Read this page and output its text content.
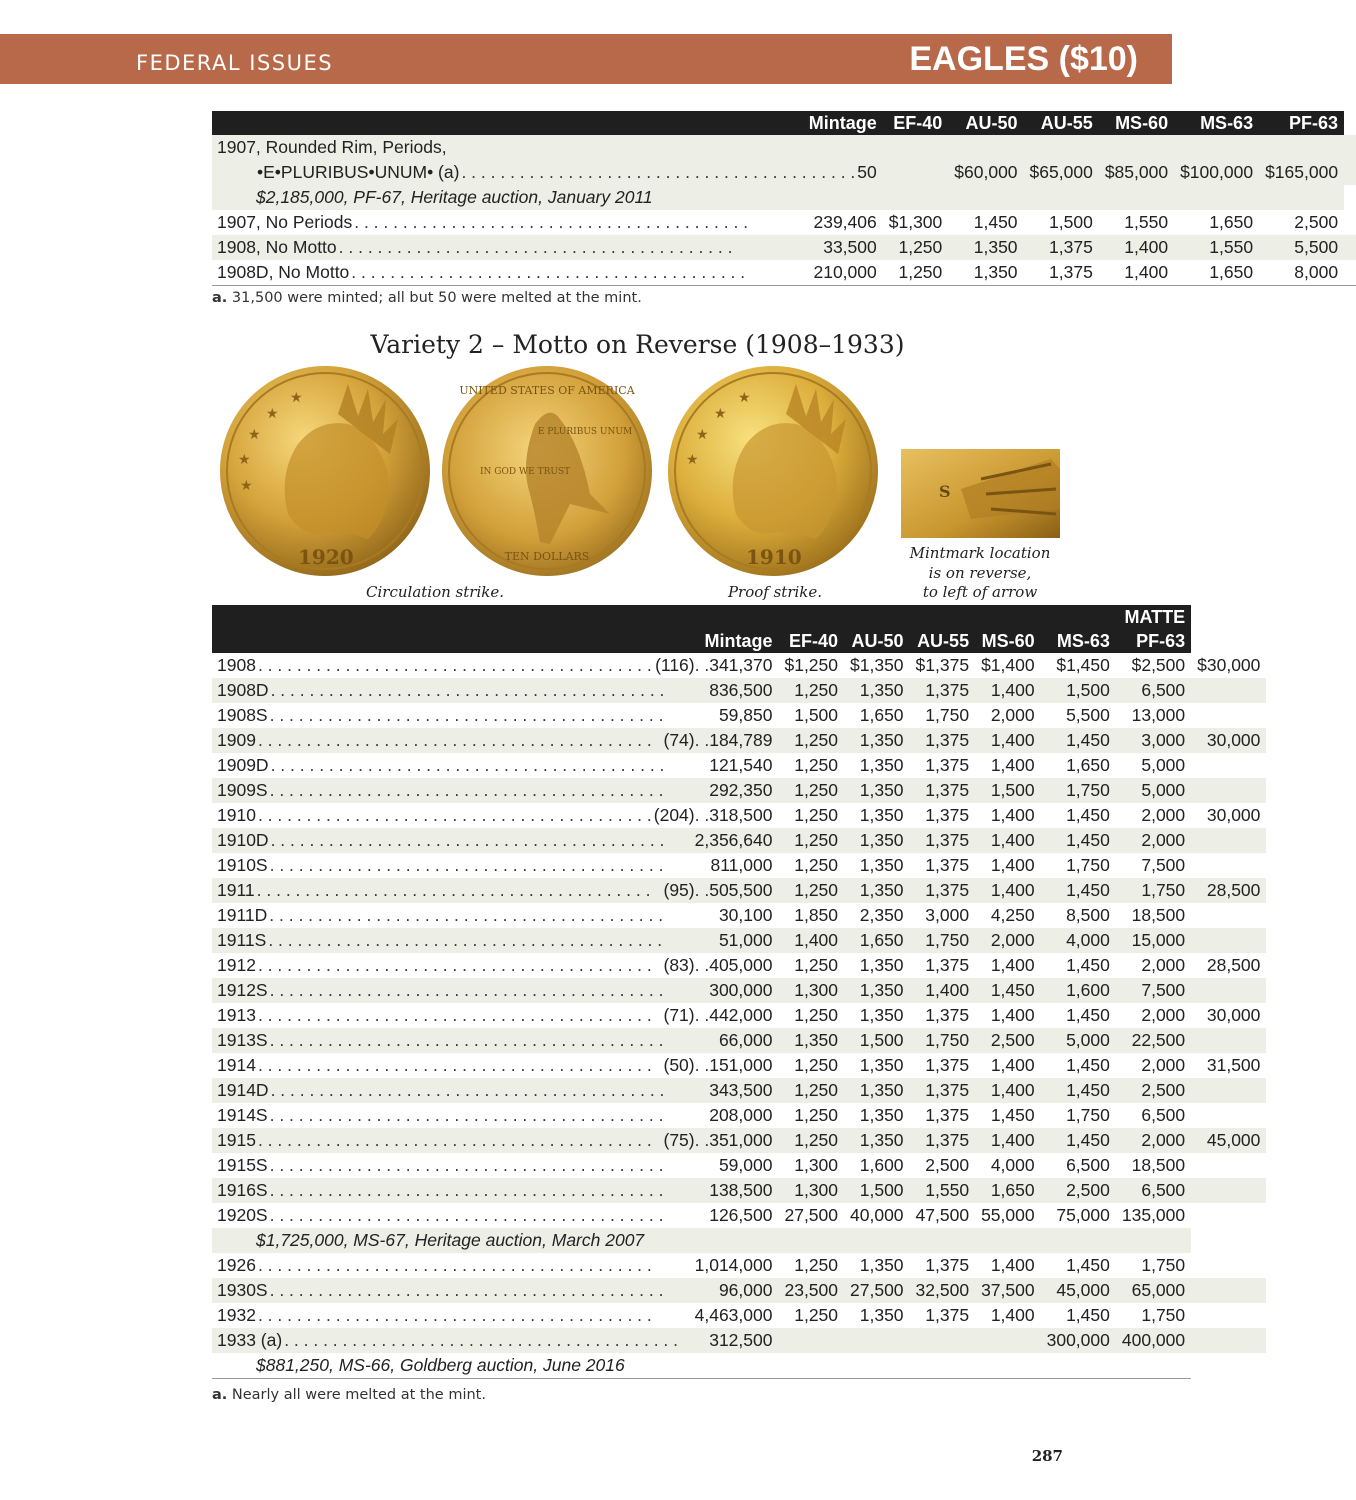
FEDERAL ISSUES	EAGLES ($10)
Mintage	EF-40	AU-50	AU-55	MS-60	MS-63	PF-63	

1907, Rounded Rim, Periods,							

•E•PLURIBUS•UNUM• (a) . . . . . . . . . . . . . . . . . . . . . . . . . . . . . . . . . . . . . . . . . 50		$60,000	$65,000	$85,000	$100,000	$165,000	
$2,185,000, PF-67, Heritage auction, January 2011							

1907, No Periods . . . . . . . . . . . . . . . . . . . . . . . . . . . . . . . . . . . . . . . . . 239,406	$1,300	1,450	1,500	1,550	1,650	2,500	

1908, No Motto . . . . . . . . . . . . . . . . . . . . . . . . . . . . . . . . . . . . . . . . . 33,500	1,250	1,350	1,375	1,400	1,550	5,500	

1908D, No Motto . . . . . . . . . . . . . . . . . . . . . . . . . . . . . . . . . . . . . . . . . 210,000	1,250	1,350	1,375	1,400	1,650	8,000	
a. 31,500 were minted; all but 50 were melted at the mint.
Variety 2 – Motto on Reverse (1908–1933)
★
★
★
★
★
1920
UNITED STATES OF AMERICA
E PLURIBUS UNUM
IN GOD WE TRUST
TEN DOLLARS
★
★
★
★
1910
S
Circulation strike.	Proof strike.
Mintmark location
is on reverse,
to left of arrow
						MATTE	
Mintage	EF-40	AU-50	AU-55	MS-60	MS-63	PF-63	

1908 . . . . . . . . . . . . . . . . . . . . . . . . . . . . . . . . . . . . . . . . . (116) . . 341,370	$1,250	$1,350	$1,375	$1,400	$1,450	$2,500	$30,000

1908D . . . . . . . . . . . . . . . . . . . . . . . . . . . . . . . . . . . . . . . . . 836,500	1,250	1,350	1,375	1,400	1,500	6,500	

1908S . . . . . . . . . . . . . . . . . . . . . . . . . . . . . . . . . . . . . . . . . 59,850	1,500	1,650	1,750	2,000	5,500	13,000	

1909 . . . . . . . . . . . . . . . . . . . . . . . . . . . . . . . . . . . . . . . . . (74) . . 184,789	1,250	1,350	1,375	1,400	1,450	3,000	30,000

1909D . . . . . . . . . . . . . . . . . . . . . . . . . . . . . . . . . . . . . . . . . 121,540	1,250	1,350	1,375	1,400	1,650	5,000	

1909S . . . . . . . . . . . . . . . . . . . . . . . . . . . . . . . . . . . . . . . . . 292,350	1,250	1,350	1,375	1,500	1,750	5,000	

1910 . . . . . . . . . . . . . . . . . . . . . . . . . . . . . . . . . . . . . . . . . (204) . . 318,500	1,250	1,350	1,375	1,400	1,450	2,000	30,000

1910D . . . . . . . . . . . . . . . . . . . . . . . . . . . . . . . . . . . . . . . . . 2,356,640	1,250	1,350	1,375	1,400	1,450	2,000	

1910S . . . . . . . . . . . . . . . . . . . . . . . . . . . . . . . . . . . . . . . . . 811,000	1,250	1,350	1,375	1,400	1,750	7,500	

1911 . . . . . . . . . . . . . . . . . . . . . . . . . . . . . . . . . . . . . . . . . (95) . . 505,500	1,250	1,350	1,375	1,400	1,450	1,750	28,500

1911D . . . . . . . . . . . . . . . . . . . . . . . . . . . . . . . . . . . . . . . . . 30,100	1,850	2,350	3,000	4,250	8,500	18,500	

1911S . . . . . . . . . . . . . . . . . . . . . . . . . . . . . . . . . . . . . . . . . 51,000	1,400	1,650	1,750	2,000	4,000	15,000	

1912 . . . . . . . . . . . . . . . . . . . . . . . . . . . . . . . . . . . . . . . . . (83) . . 405,000	1,250	1,350	1,375	1,400	1,450	2,000	28,500

1912S . . . . . . . . . . . . . . . . . . . . . . . . . . . . . . . . . . . . . . . . . 300,000	1,300	1,350	1,400	1,450	1,600	7,500	

1913 . . . . . . . . . . . . . . . . . . . . . . . . . . . . . . . . . . . . . . . . . (71) . . 442,000	1,250	1,350	1,375	1,400	1,450	2,000	30,000

1913S . . . . . . . . . . . . . . . . . . . . . . . . . . . . . . . . . . . . . . . . . 66,000	1,350	1,500	1,750	2,500	5,000	22,500	

1914 . . . . . . . . . . . . . . . . . . . . . . . . . . . . . . . . . . . . . . . . . (50) . . 151,000	1,250	1,350	1,375	1,400	1,450	2,000	31,500

1914D . . . . . . . . . . . . . . . . . . . . . . . . . . . . . . . . . . . . . . . . . 343,500	1,250	1,350	1,375	1,400	1,450	2,500	

1914S . . . . . . . . . . . . . . . . . . . . . . . . . . . . . . . . . . . . . . . . . 208,000	1,250	1,350	1,375	1,450	1,750	6,500	

1915 . . . . . . . . . . . . . . . . . . . . . . . . . . . . . . . . . . . . . . . . . (75) . . 351,000	1,250	1,350	1,375	1,400	1,450	2,000	45,000

1915S . . . . . . . . . . . . . . . . . . . . . . . . . . . . . . . . . . . . . . . . . 59,000	1,300	1,600	2,500	4,000	6,500	18,500	

1916S . . . . . . . . . . . . . . . . . . . . . . . . . . . . . . . . . . . . . . . . . 138,500	1,300	1,500	1,550	1,650	2,500	6,500	

1920S . . . . . . . . . . . . . . . . . . . . . . . . . . . . . . . . . . . . . . . . . 126,500	27,500	40,000	47,500	55,000	75,000	135,000	
$1,725,000, MS-67, Heritage auction, March 2007							

1926 . . . . . . . . . . . . . . . . . . . . . . . . . . . . . . . . . . . . . . . . . 1,014,000	1,250	1,350	1,375	1,400	1,450	1,750	

1930S . . . . . . . . . . . . . . . . . . . . . . . . . . . . . . . . . . . . . . . . . 96,000	23,500	27,500	32,500	37,500	45,000	65,000	

1932 . . . . . . . . . . . . . . . . . . . . . . . . . . . . . . . . . . . . . . . . . 4,463,000	1,250	1,350	1,375	1,400	1,450	1,750	

1933 (a) . . . . . . . . . . . . . . . . . . . . . . . . . . . . . . . . . . . . . . . . . 312,500					300,000	400,000	
$881,250, MS-66, Goldberg auction, June 2016							
a. Nearly all were melted at the mint.
287
